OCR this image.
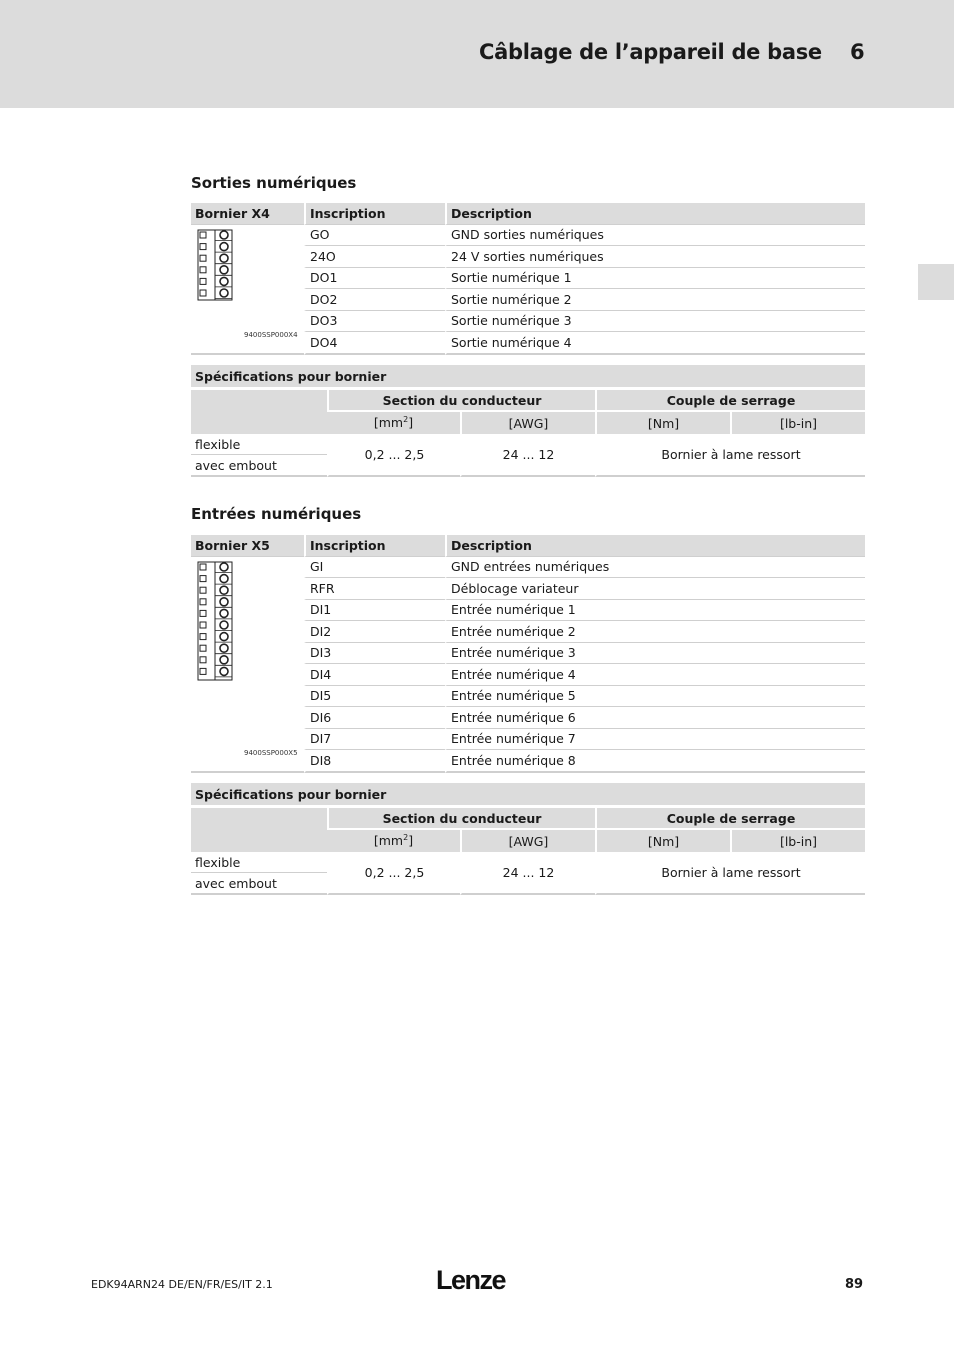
Câblage de l’appareil de base 6
Sorties numériques
Bornier X4	Inscription	Description

9400SSP000X4	GO	GND sorties numériques
	24O	24 V sorties numériques
	DO1	Sortie numérique 1
	DO2	Sortie numérique 2
	DO3	Sortie numérique 3
	DO4	Sortie numérique 4
Spécifications pour bornier				
	Section du conducteur		Couple de serrage	
	$[mm^2]$	[AWG]	[Nm]	[lb-in]
flexible	0,2 ... 2,5	24 ... 12	Bornier à lame ressort	
avec embout				
Entrées numériques
Bornier X5	Inscription	Description

9400SSP000X5	GI	GND entrées numériques
	RFR	Déblocage variateur
	DI1	Entrée numérique 1
	DI2	Entrée numérique 2
	DI3	Entrée numérique 3
	DI4	Entrée numérique 4
	DI5	Entrée numérique 5
	DI6	Entrée numérique 6
	DI7	Entrée numérique 7
	DI8	Entrée numérique 8
Spécifications pour bornier				
	Section du conducteur		Couple de serrage	
	$[mm^2]$	[AWG]	[Nm]	[lb-in]
flexible	0,2 ... 2,5	24 ... 12	Bornier à lame ressort	
avec embout				
EDK94ARN24 DE/EN/FR/ES/IT 2.1	Lenze	89
